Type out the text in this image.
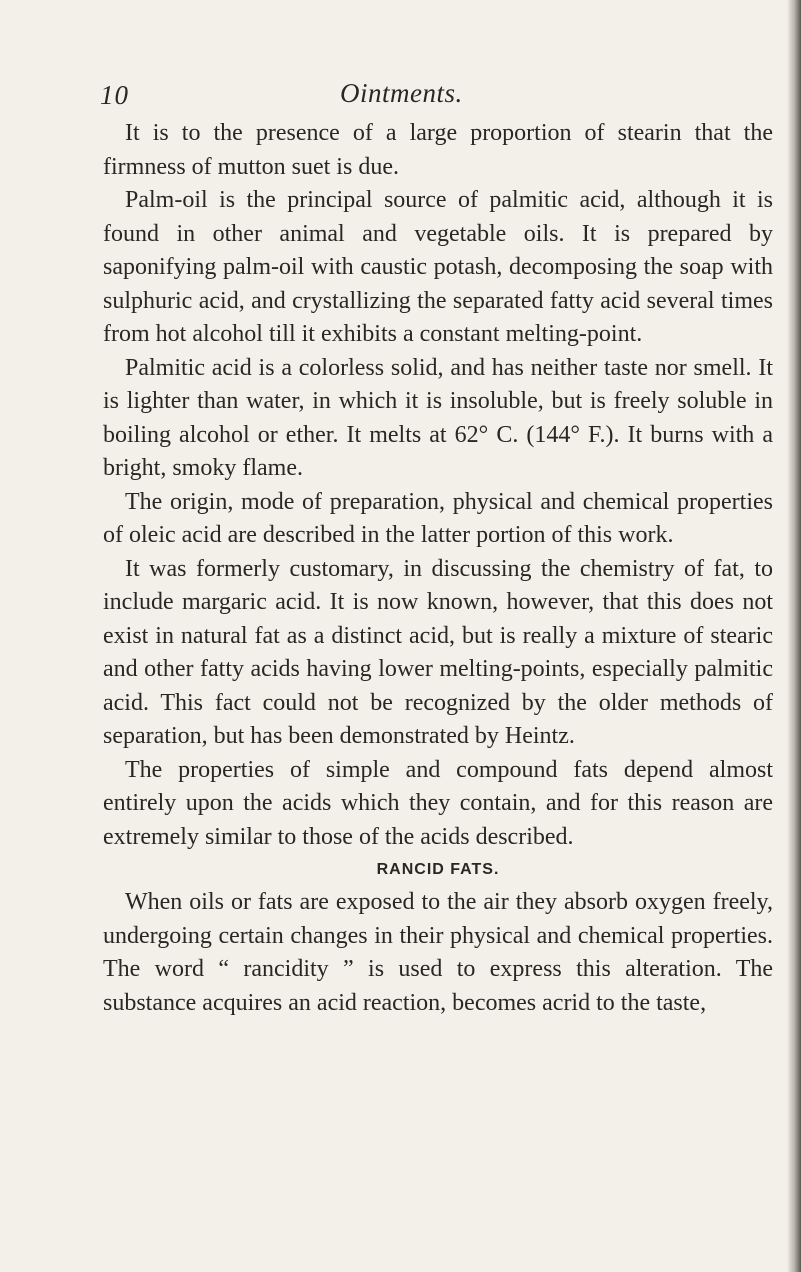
10	Ointments.

It is to the presence of a large proportion of stearin that the firmness of mutton suet is due.

Palm-oil is the principal source of palmitic acid, although it is found in other animal and vegetable oils. It is prepared by saponifying palm-oil with caustic potash, decomposing the soap with sulphuric acid, and crystallizing the separated fatty acid several times from hot alcohol till it exhibits a constant melting-point.

Palmitic acid is a colorless solid, and has neither taste nor smell. It is lighter than water, in which it is insoluble, but is freely soluble in boiling alcohol or ether. It melts at 62° C. (144° F.). It burns with a bright, smoky flame.

The origin, mode of preparation, physical and chemical properties of oleic acid are described in the latter portion of this work.

It was formerly customary, in discussing the chemistry of fat, to include margaric acid. It is now known, however, that this does not exist in natural fat as a distinct acid, but is really a mixture of stearic and other fatty acids having lower melting-points, especially palmitic acid. This fact could not be recognized by the older methods of separation, but has been demonstrated by Heintz.

The properties of simple and compound fats depend almost entirely upon the acids which they contain, and for this reason are extremely similar to those of the acids described.

RANCID FATS.

When oils or fats are exposed to the air they absorb oxygen freely, undergoing certain changes in their physical and chemical properties. The word “ rancidity ” is used to express this alteration. The substance acquires an acid reaction, becomes acrid to the taste,
